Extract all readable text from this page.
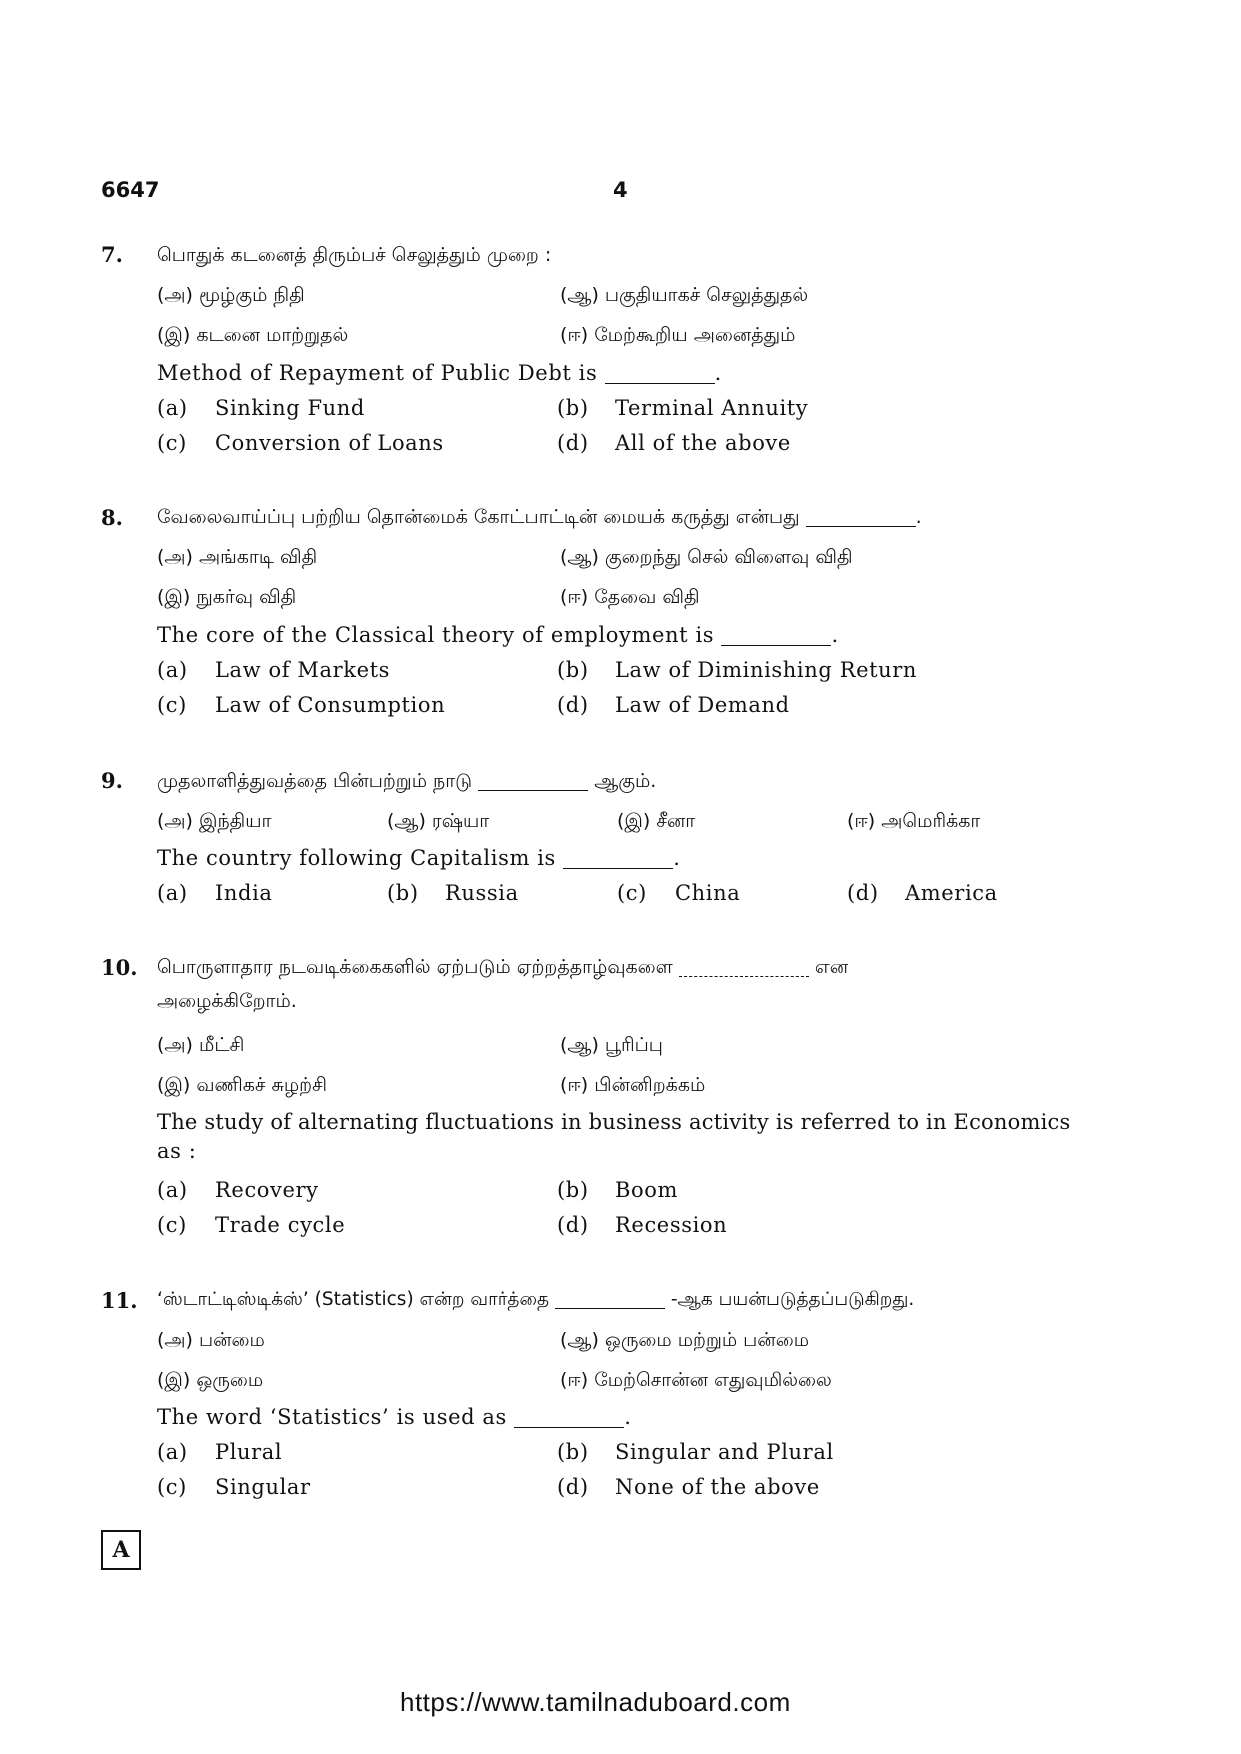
6647	4
7. பொதுக் கடனைத் திரும்பச் செலுத்தும் முறை :
(அ) மூழ்கும் நிதி	(ஆ) பகுதியாகச் செலுத்துதல்
(இ) கடனை மாற்றுதல்	(ஈ) மேற்கூறிய அனைத்தும்
Method of Repayment of Public Debt is	.
(a) Sinking Fund	(b) Terminal Annuity
(c) Conversion of Loans	(d) All of the above
8. வேலைவாய்ப்பு பற்றிய தொன்மைக் கோட்பாட்டின் மையக் கருத்து என்பது	.
(அ) அங்காடி விதி	(ஆ) குறைந்து செல் விளைவு விதி
(இ) நுகர்வு விதி	(ஈ) தேவை விதி
The core of the Classical theory of employment is	.
(a) Law of Markets	(b) Law of Diminishing Return
(c) Law of Consumption	(d) Law of Demand
9. முதலாளித்துவத்தை பின்பற்றும் நாடு	ஆகும்.
(அ) இந்தியா	(ஆ) ரஷ்யா	(இ) சீனா	(ஈ) அமெரிக்கா
The country following Capitalism is	.
(a) India	(b) Russia	(c) China	(d) America
10. பொருளாதார நடவடிக்கைகளில் ஏற்படும் ஏற்றத்தாழ்வுகளை	என
அழைக்கிறோம்.
(அ) மீட்சி	(ஆ) பூரிப்பு
(இ) வணிகச் சுழற்சி	(ஈ) பின்னிறக்கம்
The study of alternating fluctuations in business activity is referred to in Economics
as :
(a) Recovery	(b) Boom
(c) Trade cycle	(d) Recession
11. ‘ஸ்டாட்டிஸ்டிக்ஸ்’ (Statistics) என்ற வார்த்தை	-ஆக பயன்படுத்தப்படுகிறது.
(அ) பன்மை	(ஆ) ஒருமை மற்றும் பன்மை
(இ) ஒருமை	(ஈ) மேற்சொன்ன எதுவுமில்லை
The word ‘Statistics’ is used as	.
(a) Plural	(b) Singular and Plural
(c) Singular	(d) None of the above
A
https://www.tamilnaduboard.com
